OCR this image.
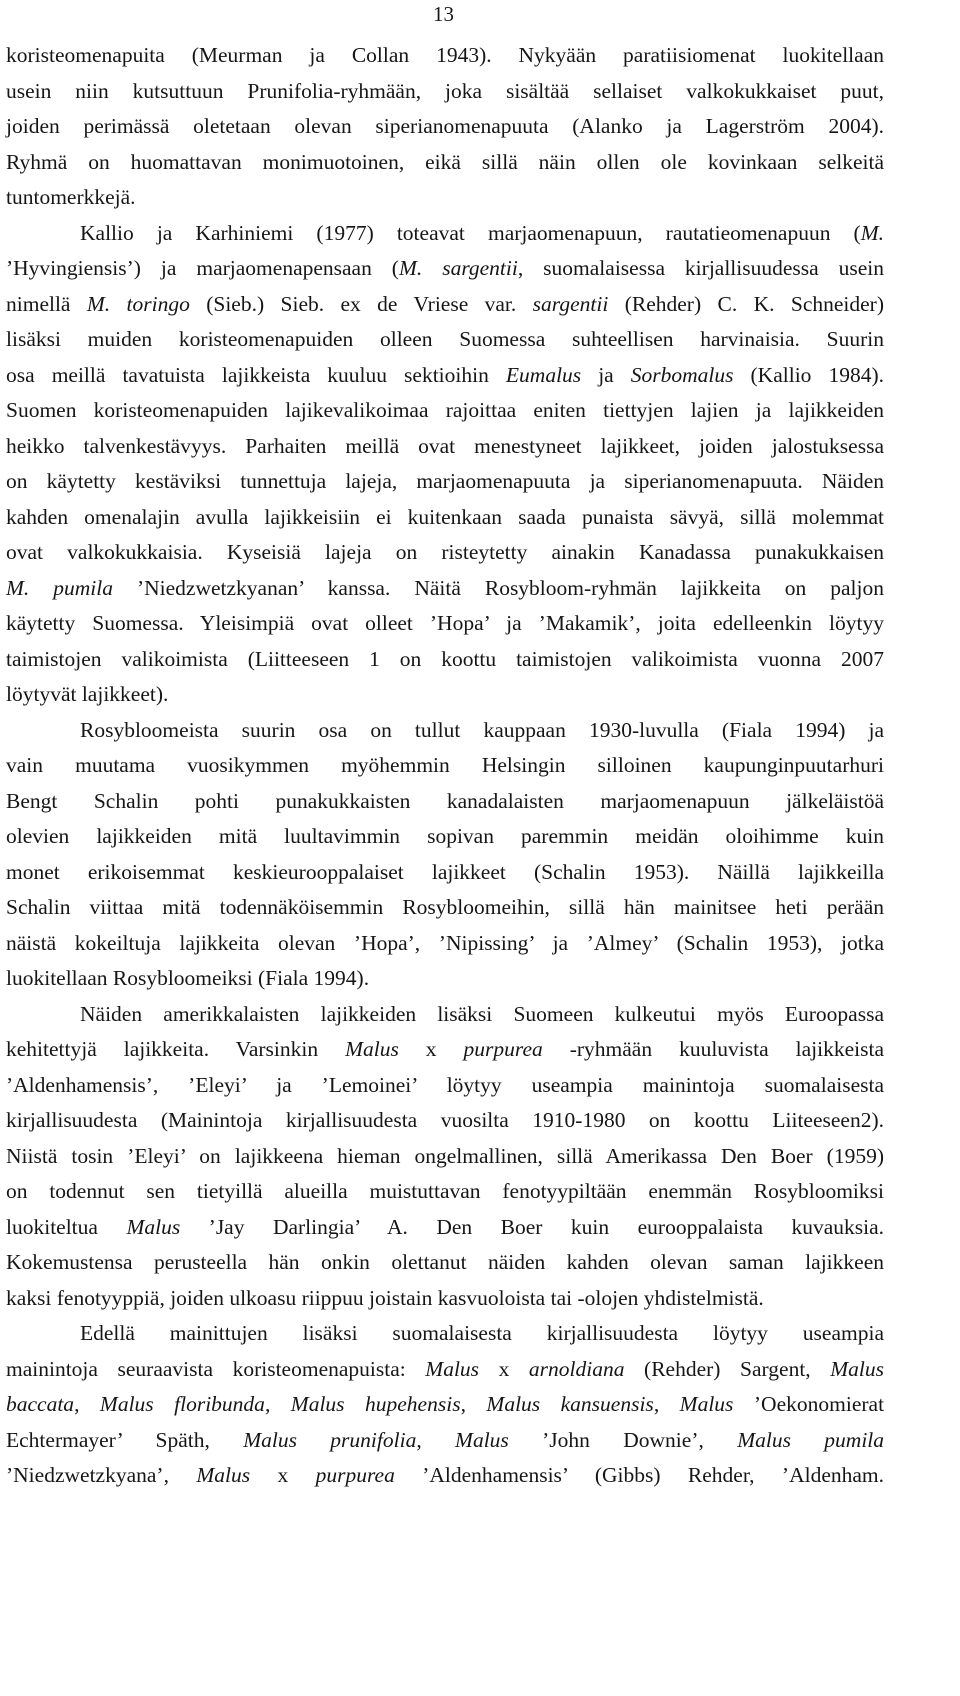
13
koristeomenapuita (Meurman ja Collan 1943). Nykyään paratiisiomenat luokitellaan
usein niin kutsuttuun Prunifolia-ryhmään, joka sisältää sellaiset valkokukkaiset puut,
joiden perimässä oletetaan olevan siperianomenapuuta (Alanko ja Lagerström 2004).
Ryhmä on huomattavan monimuotoinen, eikä sillä näin ollen ole kovinkaan selkeitä
tuntomerkkejä.
Kallio ja Karhiniemi (1977) toteavat marjaomenapuun, rautatieomenapuun (M.
’Hyvingiensis’) ja marjaomenapensaan (M. sargentii, suomalaisessa kirjallisuudessa usein
nimellä M. toringo (Sieb.) Sieb. ex de Vriese var. sargentii (Rehder) C. K. Schneider)
lisäksi muiden koristeomenapuiden olleen Suomessa suhteellisen harvinaisia. Suurin
osa meillä tavatuista lajikkeista kuuluu sektioihin Eumalus ja Sorbomalus (Kallio 1984).
Suomen koristeomenapuiden lajikevalikoimaa rajoittaa eniten tiettyjen lajien ja lajikkeiden
heikko talvenkestävyys. Parhaiten meillä ovat menestyneet lajikkeet, joiden jalostuksessa
on käytetty kestäviksi tunnettuja lajeja, marjaomenapuuta ja siperianomenapuuta. Näiden
kahden omenalajin avulla lajikkeisiin ei kuitenkaan saada punaista sävyä, sillä molemmat
ovat valkokukkaisia. Kyseisiä lajeja on risteytetty ainakin Kanadassa punakukkaisen
M. pumila ’Niedzwetzkyanan’ kanssa. Näitä Rosybloom-ryhmän lajikkeita on paljon
käytetty Suomessa. Yleisimpiä ovat olleet ’Hopa’ ja ’Makamik’, joita edelleenkin löytyy
taimistojen valikoimista (Liitteeseen 1 on koottu taimistojen valikoimista vuonna 2007
löytyvät lajikkeet).
Rosybloomeista suurin osa on tullut kauppaan 1930-luvulla (Fiala 1994) ja
vain muutama vuosikymmen myöhemmin Helsingin silloinen kaupunginpuutarhuri
Bengt Schalin pohti punakukkaisten kanadalaisten marjaomenapuun jälkeläistöä
olevien lajikkeiden mitä luultavimmin sopivan paremmin meidän oloihimme kuin
monet erikoisemmat keskieurooppalaiset lajikkeet (Schalin 1953). Näillä lajikkeilla
Schalin viittaa mitä todennäköisemmin Rosybloomeihin, sillä hän mainitsee heti perään
näistä kokeiltuja lajikkeita olevan ’Hopa’, ’Nipissing’ ja ’Almey’ (Schalin 1953), jotka
luokitellaan Rosybloomeiksi (Fiala 1994).
Näiden amerikkalaisten lajikkeiden lisäksi Suomeen kulkeutui myös Euroopassa
kehitettyjä lajikkeita. Varsinkin Malus x purpurea -ryhmään kuuluvista lajikkeista
’Aldenhamensis’, ’Eleyi’ ja ’Lemoinei’ löytyy useampia mainintoja suomalaisesta
kirjallisuudesta (Mainintoja kirjallisuudesta vuosilta 1910-1980 on koottu Liiteeseen2).
Niistä tosin ’Eleyi’ on lajikkeena hieman ongelmallinen, sillä Amerikassa Den Boer (1959)
on todennut sen tietyillä alueilla muistuttavan fenotyypiltään enemmän Rosybloomiksi
luokiteltua Malus ’Jay Darlingia’ A. Den Boer kuin eurooppalaista kuvauksia.
Kokemustensa perusteella hän onkin olettanut näiden kahden olevan saman lajikkeen
kaksi fenotyyppiä, joiden ulkoasu riippuu joistain kasvuoloista tai -olojen yhdistelmistä.
Edellä mainittujen lisäksi suomalaisesta kirjallisuudesta löytyy useampia
mainintoja seuraavista koristeomenapuista: Malus x arnoldiana (Rehder) Sargent, Malus
baccata, Malus floribunda, Malus hupehensis, Malus kansuensis, Malus ’Oekonomierat
Echtermayer’ Späth, Malus prunifolia, Malus ’John Downie’, Malus pumila
’Niedzwetzkyana’, Malus x purpurea ’Aldenhamensis’ (Gibbs) Rehder, ’Aldenham.
